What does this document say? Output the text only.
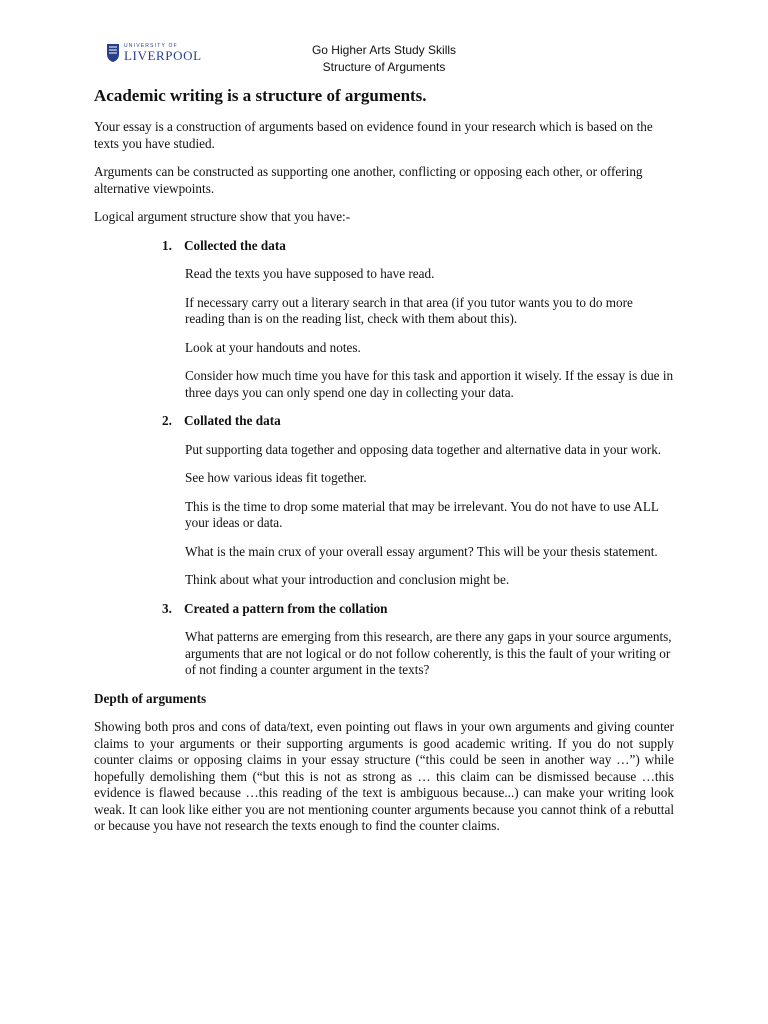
UNIVERSITY OF
LIVERPOOL	Go Higher Arts Study Skills
Structure of Arguments
Academic writing is a structure of arguments.

Your essay is a construction of arguments based on evidence found in your research which is based on the texts you have studied.

Arguments can be constructed as supporting one another, conflicting or opposing each other, or offering alternative viewpoints.

Logical argument structure show that you have:-

1. Collected the data

Read the texts you have supposed to have read.

If necessary carry out a literary search in that area (if you tutor wants you to do more reading than is on the reading list, check with them about this).

Look at your handouts and notes.

Consider how much time you have for this task and apportion it wisely. If the essay is due in three days you can only spend one day in collecting your data.

2. Collated the data

Put supporting data together and opposing data together and alternative data in your work.

See how various ideas fit together.

This is the time to drop some material that may be irrelevant. You do not have to use ALL your ideas or data.

What is the main crux of your overall essay argument? This will be your thesis statement.

Think about what your introduction and conclusion might be.

3. Created a pattern from the collation

What patterns are emerging from this research, are there any gaps in your source arguments, arguments that are not logical or do not follow coherently, is this the fault of your writing or of not finding a counter argument in the texts?

Depth of arguments

Showing both pros and cons of data/text, even pointing out flaws in your own arguments and giving counter claims to your arguments or their supporting arguments is good academic writing. If you do not supply counter claims or opposing claims in your essay structure (“this could be seen in another way …”) while hopefully demolishing them (“but this is not as strong as … this claim can be dismissed because …this evidence is flawed because …this reading of the text is ambiguous because...) can make your writing look weak. It can look like either you are not mentioning counter arguments because you cannot think of a rebuttal or because you have not research the texts enough to find the counter claims.
